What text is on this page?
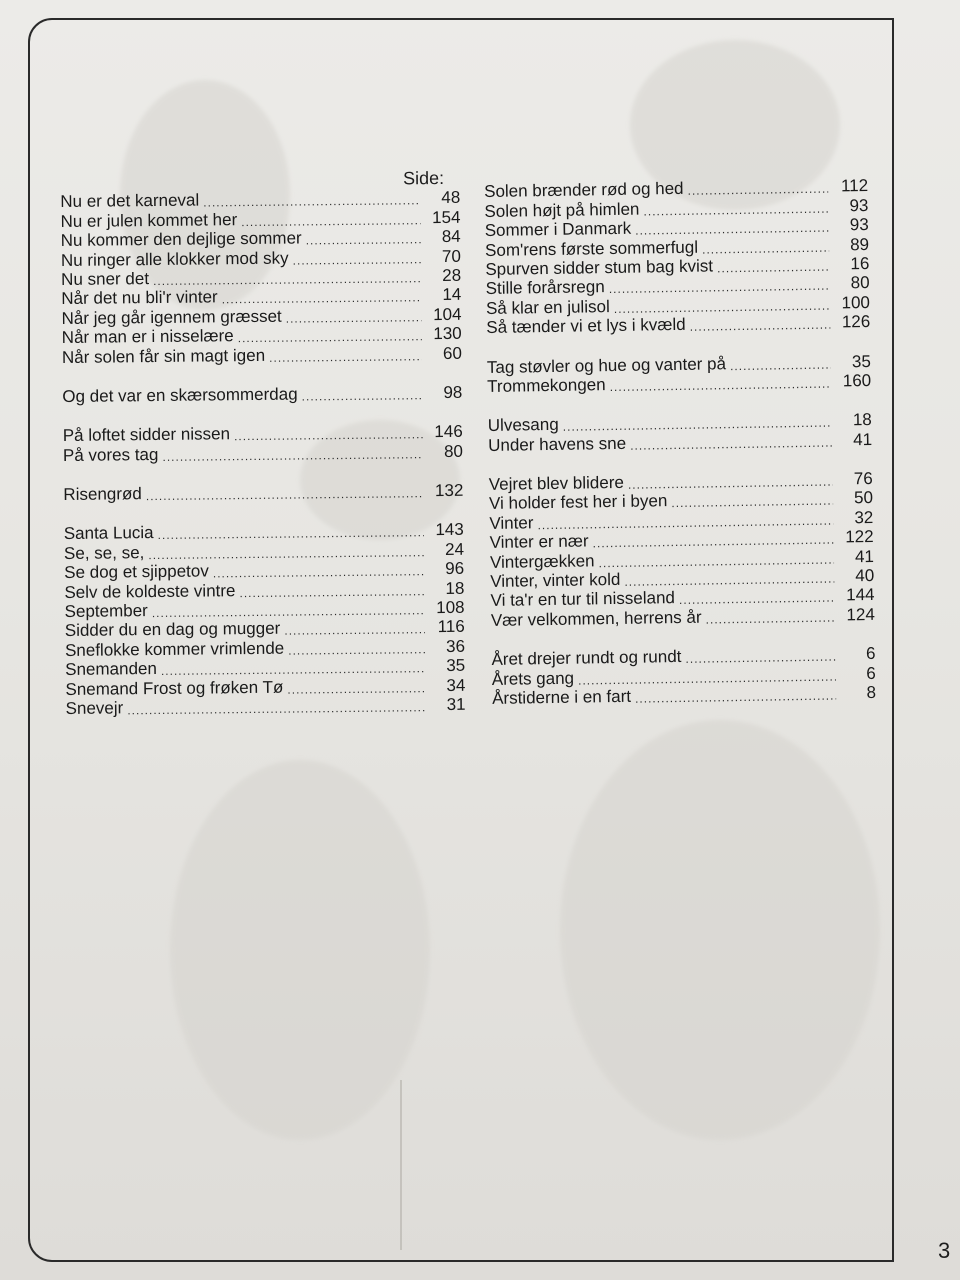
Side:
Nu er det karneval .....	48
Nu er julen kommet her .....	154
Nu kommer den dejlige sommer .....	84
Nu ringer alle klokker mod sky .....	70
Nu sner det .....	28
Når det nu bli'r vinter .....	14
Når jeg går igennem græsset .....	104
Når man er i nisselære .....	130
Når solen får sin magt igen .....	60
Og det var en skærsommerdag .....	98
På loftet sidder nissen .....	146
På vores tag .....	80
Risengrød .....	132
Santa Lucia .....	143
Se, se, se, .....	24
Se dog et sjippetov .....	96
Selv de koldeste vintre .....	18
September .....	108
Sidder du en dag og mugger .....	116
Sneflokke kommer vrimlende .....	36
Snemanden .....	35
Snemand Frost og frøken Tø .....	34
Snevejr .....	31
Solen brænder rød og hed .....	112
Solen højt på himlen .....	93
Sommer i Danmark .....	93
Som'rens første sommerfugl .....	89
Spurven sidder stum bag kvist .....	16
Stille forårsregn .....	80
Så klar en julisol .....	100
Så tænder vi et lys i kvæld .....	126
Tag støvler og hue og vanter på .....	35
Trommekongen .....	160
Ulvesang .....	18
Under havens sne .....	41
Vejret blev blidere .....	76
Vi holder fest her i byen .....	50
Vinter .....	32
Vinter er nær .....	122
Vintergækken .....	41
Vinter, vinter kold .....	40
Vi ta'r en tur til nisseland .....	144
Vær velkommen, herrens år .....	124
Året drejer rundt og rundt .....	6
Årets gang .....	6
Årstiderne i en fart .....	8
3
